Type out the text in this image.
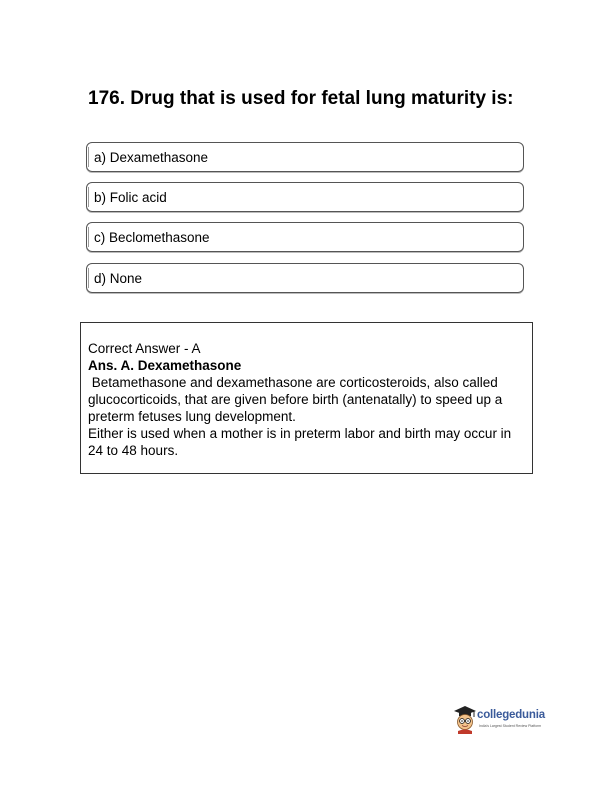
176. Drug that is used for fetal lung maturity is:
a) Dexamethasone
b) Folic acid
c) Beclomethasone
d) None

Correct Answer - A

Ans. A. Dexamethasone

Betamethasone and dexamethasone are corticosteroids, also called glucocorticoids, that are given before birth (antenatally) to speed up a preterm fetuses lung development.

Either is used when a mother is in preterm labor and birth may occur in 24 to 48 hours.

collegedunia
India's Largest Student Review Platform
